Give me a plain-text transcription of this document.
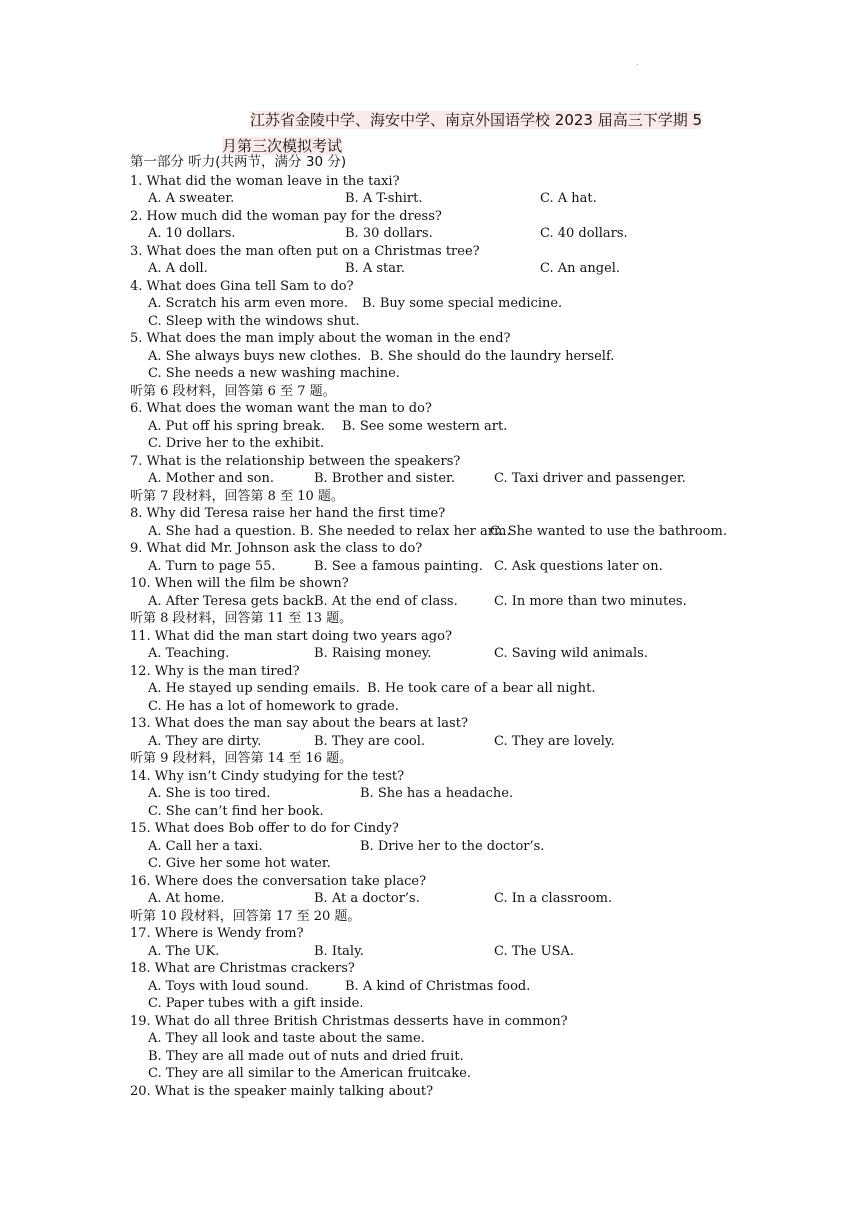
.
江苏省金陵中学、海安中学、南京外国语学校 2023 届高三下学期 5
月第三次模拟考试
第一部分 听力(共两节，满分 30 分)
1. What did the woman leave in the taxi?
A. A sweater.	B. A T-shirt.	C. A hat.
2. How much did the woman pay for the dress?
A. 10 dollars.	B. 30 dollars.	C. 40 dollars.
3. What does the man often put on a Christmas tree?
A. A doll.	B. A star.	C. An angel.
4. What does Gina tell Sam to do?
A. Scratch his arm even more. B. Buy some special medicine.
C. Sleep with the windows shut.
5. What does the man imply about the woman in the end?
A. She always buys new clothes. B. She should do the laundry herself.
C. She needs a new washing machine.
听第 6 段材料，回答第 6 至 7 题。
6. What does the woman want the man to do?
A. Put off his spring break. B. See some western art.
C. Drive her to the exhibit.
7. What is the relationship between the speakers?
A. Mother and son.	B. Brother and sister.	C. Taxi driver and passenger.
听第 7 段材料，回答第 8 至 10 题。
8. Why did Teresa raise her hand the first time?
A. She had a question. B. She needed to relax her arm.
C. She wanted to use the bathroom.
9. What did Mr. Johnson ask the class to do?
A. Turn to page 55.	B. See a famous painting. C. Ask questions later on.
10. When will the film be shown?
A. After Teresa gets back.
B. At the end of class.	C. In more than two minutes.
听第 8 段材料，回答第 11 至 13 题。
11. What did the man start doing two years ago?
A. Teaching.	B. Raising money.	C. Saving wild animals.
12. Why is the man tired?
A. He stayed up sending emails. B. He took care of a bear all night.
C. He has a lot of homework to grade.
13. What does the man say about the bears at last?
A. They are dirty.	B. They are cool.	C. They are lovely.
听第 9 段材料，回答第 14 至 16 题。
14. Why isn’t Cindy studying for the test?
A. She is too tired.	B. She has a headache.
C. She can’t find her book.
15. What does Bob offer to do for Cindy?
A. Call her a taxi.	B. Drive her to the doctor’s.
C. Give her some hot water.
16. Where does the conversation take place?
A. At home.	B. At a doctor’s.	C. In a classroom.
听第 10 段材料，回答第 17 至 20 题。
17. Where is Wendy from?
A. The UK.	B. Italy.	C. The USA.
18. What are Christmas crackers?
A. Toys with loud sound.	B. A kind of Christmas food.
C. Paper tubes with a gift inside.
19. What do all three British Christmas desserts have in common?
A. They all look and taste about the same.
B. They are all made out of nuts and dried fruit.
C. They are all similar to the American fruitcake.
20. What is the speaker mainly talking about?
